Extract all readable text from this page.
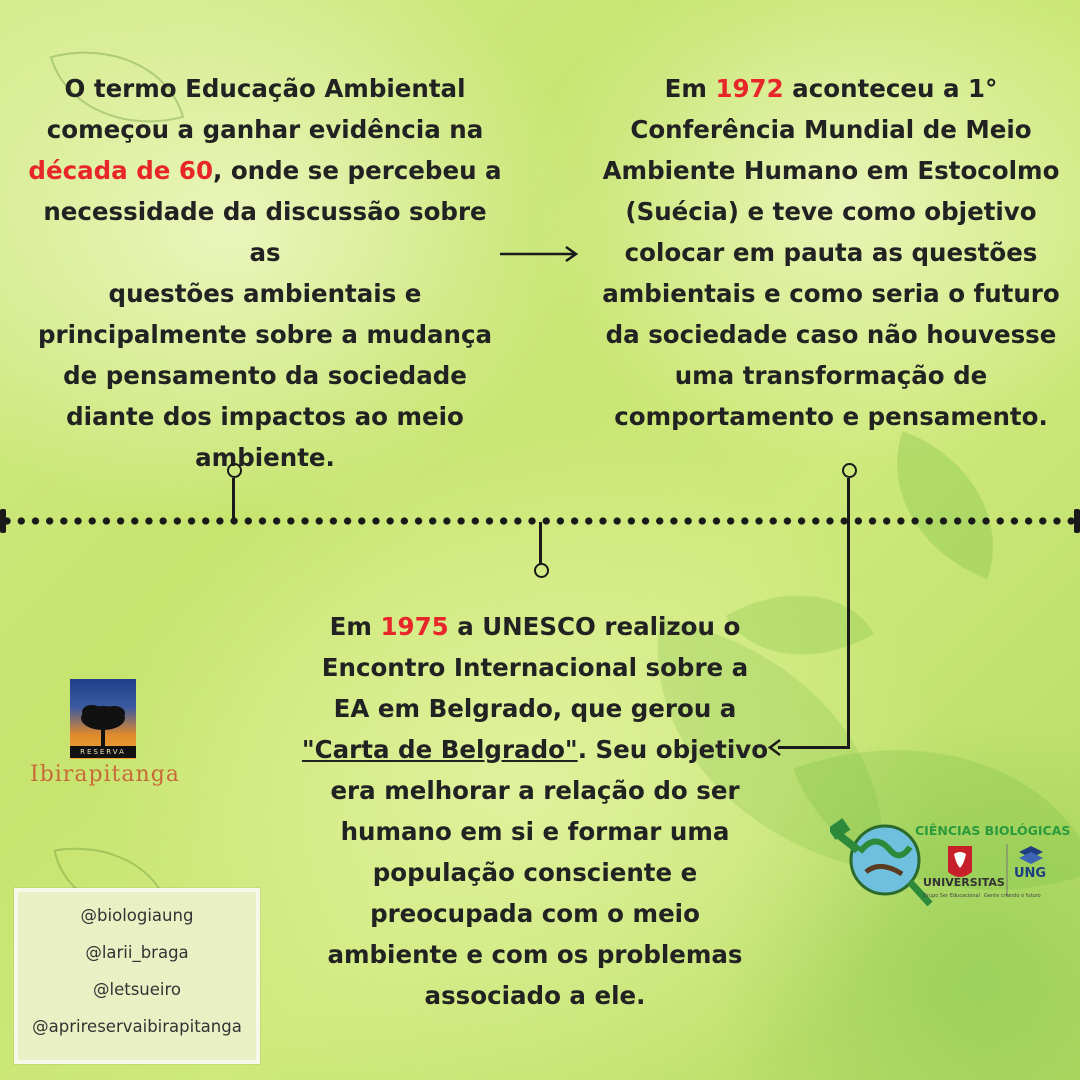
O termo Educação Ambiental
começou a ganhar evidência na
década de 60, onde se percebeu a
necessidade da discussão sobre as
questões ambientais e
principalmente sobre a mudança
de pensamento da sociedade
diante dos impactos ao meio
ambiente.
Em 1972 aconteceu a 1°
Conferência Mundial de Meio
Ambiente Humano em Estocolmo
(Suécia) e teve como objetivo
colocar em pauta as questões
ambientais e como seria o futuro
da sociedade caso não houvesse
uma transformação de
comportamento e pensamento.
Em 1975 a UNESCO realizou o
Encontro Internacional sobre a
EA em Belgrado, que gerou a
"Carta de Belgrado". Seu objetivo
era melhorar a relação do ser
humano em si e formar uma
população consciente e
preocupada com o meio
ambiente e com os problemas
associado a ele.
RESERVA
Ibirapitanga
@biologiaung
@larii_braga
@letsueiro
@aprireservaibirapitanga
CIÊNCIAS BIOLÓGICAS
UNIVERSITAS
Grupo Ser Educacional
UNG
Gente criando o futuro
